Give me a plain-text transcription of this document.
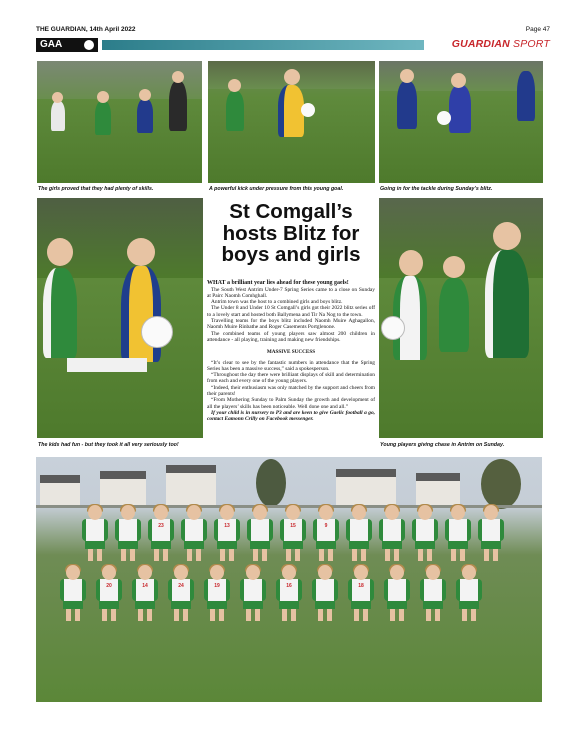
THE GUARDIAN, 14th April 2022	Page 47
GAA	GUARDIAN SPORT
The girls proved that they had plenty of skills.	A powerful kick under pressure from this young goal.	Going in for the tackle during Sunday’s blitz.
The kids had fun - but they took it all very seriously too!
St Comgall’s hosts Blitz for boys and girls

WHAT a brilliant year lies ahead for these young gaels!

The South West Antrim Under-7 Spring Series came to a close on Sunday at Pairc Naomh Comhghall.

Antrim town was the host to a combined girls and boys blitz.

The Under 8 and Under 10 St Comgall’s girls got their 2022 blitz series off to a lovely start and hosted both Ballymena and Tir Na Nog to the town.

Travelling teams for the boys blitz included Naomh Muire Aghagallon, Naomh Muire Rinbathe and Roger Casements Portglenone.

The combined teams of young players saw almost 200 children in attendance - all playing, training and making new friendships.

MASSIVE SUCCESS

“It’s clear to see by the fantastic numbers in attendance that the Spring Series has been a massive success,” said a spokesperson.

“Throughout the day there were brilliant displays of skill and determination from each and every one of the young players.

“Indeed, their enthusiasm was only matched by the support and cheers from their parents!

“From Mothering Sunday to Palm Sunday the growth and development of all the players’ skills has been noticeable. Well done one and all.”

If your child is in nursery to P3 and are keen to give Gaelic football a go, contact Eamonn Crilly on Facebook messenger.

Young players giving chase in Antrim on Sunday.
23	13	15	9
20	14	24	19	16	18
